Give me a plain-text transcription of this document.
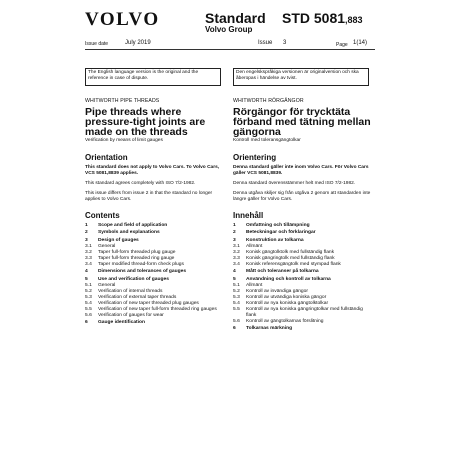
VOLVO	Standard
Volvo Group
STD 5081,883
Issue date	July 2019	Issue 3	Page 1(14)
The English language version is the original and the reference in case of dispute.
Den engelskspråkiga versionen är originalversion och ska åberopas i händelse av tvist.

WHITWORTH PIPE THREADS

Pipe threads where pressure-tight joints are made on the threads

Verification by means of limit gauges

Orientation

This standard does not apply to Volvo Cars. To Volvo Cars, VCS 5081,8839 applies.

This standard agrees completely with ISO 7/2-1982.

This issue differs from issue 2 in that the standard no longer applies to Volvo Cars.

Contents
1	Scope and field of application
2	Symbols and explanations
3	Design of gauges
3.1	General
3.2	Taper full-form threaded plug gauge
3.3	Taper full-form threaded ring gauge
3.4	Taper modified thread-form check plugs
4	Dimensions and tolerances of gauges
5	Use and verification of gauges
5.1	General
5.2	Verification of internal threads
5.3	Verification of external taper threads
5.4	Verification of new taper threaded plug gauges
5.5	Verification of new taper full-form threaded ring gauges
5.6	Verification of gauges for wear
6	Gauge identification

WHITWORTH RÖRGÄNGOR

Rörgängor för trycktäta förband med tätning mellan gängorna

Kontroll med toleransgängtolkar

Orientering

Denna standard gäller inte inom Volvo Cars. För Volvo Cars gäller VCS 5081,8839.

Denna standard överensstämmer helt med ISO 7/2-1982.

Denna utgåva skiljer sig från utgåva 2 genom att standarden inte längre gäller för Volvo Cars.

Innehåll
1	Omfattning och tillämpning
2	Beteckningar och förklaringar
3	Konstruktion av tolkarna
3.1	Allmänt
3.2	Konisk gängtolktolk med fullständig flank
3.3	Konisk gängringtolk med fullständig flank
3.4	Konisk referensgängtolk med stympad flank
4	Mått och toleranser på tolkarna
5	Användning och kontroll av tolkarna
5.1	Allmänt
5.2	Kontroll av invändiga gängor
5.3	Kontroll av utvändiga koniska gängor
5.4	Kontroll av nya koniska gängtolktolkar
5.5	Kontroll av nya koniska gängringtolkar med fullständig flank
5.6	Kontroll av gängtolkarnas förslitning
6	Tolkarnas märkning
